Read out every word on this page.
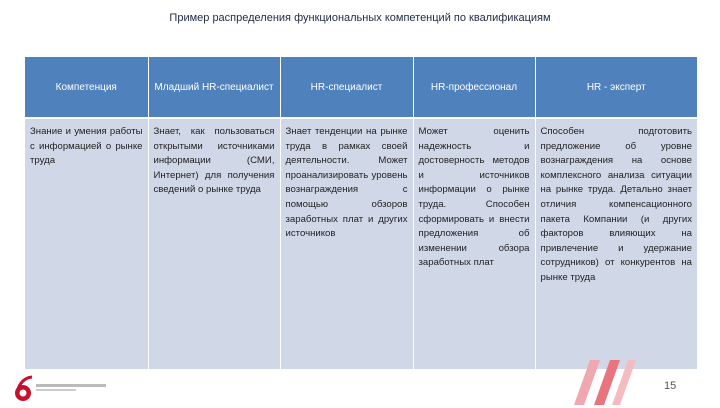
Пример распределения функциональных компетенций по квалификациям
Компетенция	Младший HR-специалист	HR-специалист	HR-профессионал	HR - эксперт
Знание и умения работы с информацией о рынке труда	Знает, как пользоваться открытыми источниками информации (СМИ, Интернет) для получения сведений о рынке труда	Знает тенденции на рынке труда в рамках своей деятельности. Может проанализировать уровень вознаграждения с помощью обзоров заработных плат и других источников	Может оценить надежность и достоверность методов и источников информации о рынке труда. Способен сформировать и внести предложения об изменении обзора заработных плат	Способен подготовить предложение об уровне вознаграждения на основе комплексного анализа ситуации на рынке труда. Детально знает отличия компенсационного пакета Компании (и других факторов влияющих на привлечение и удержание сотрудников) от конкурентов на рынке труда
15
